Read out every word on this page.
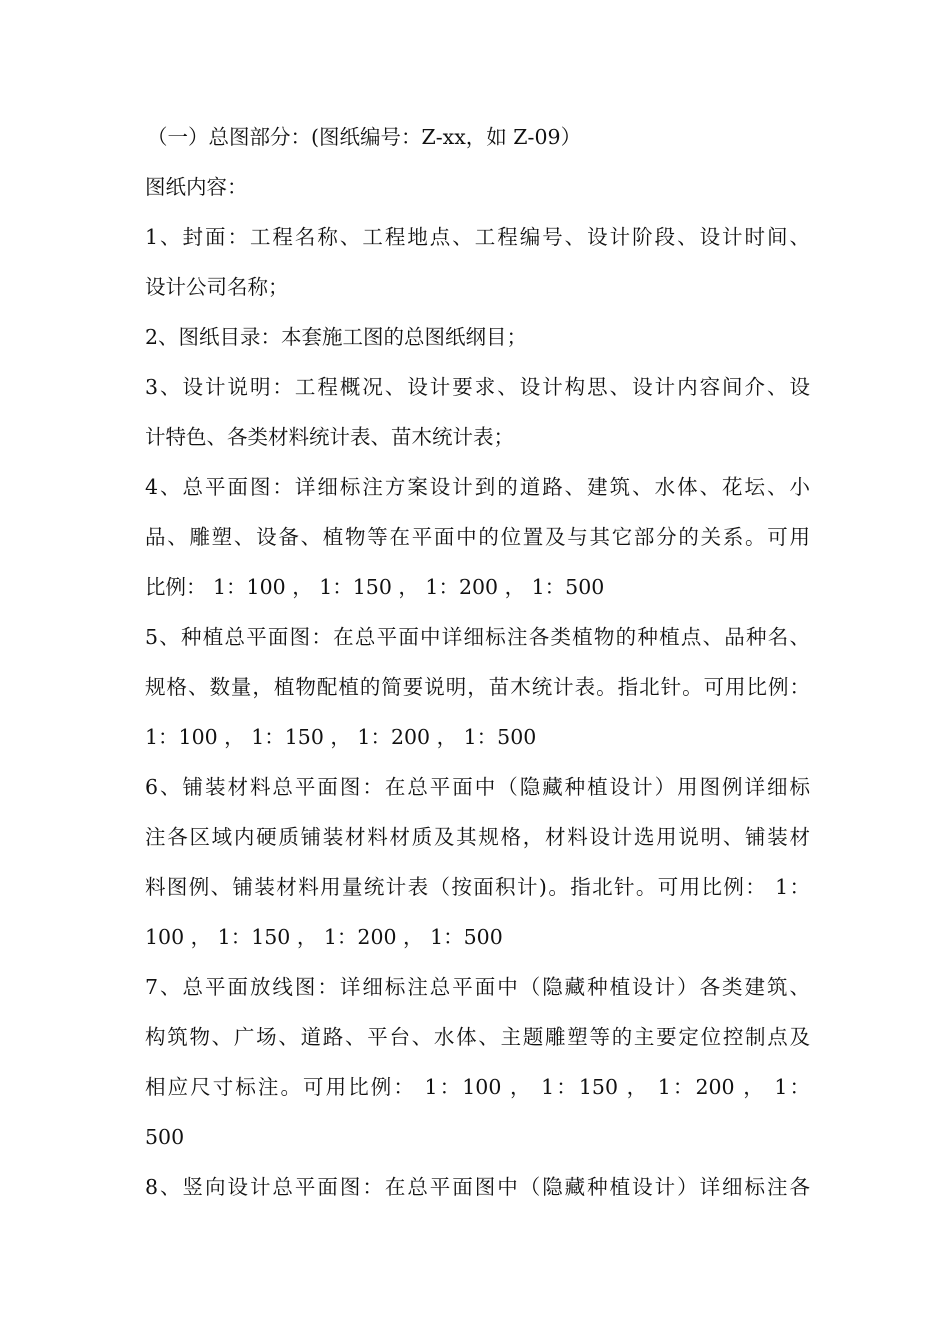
（一）总图部分：(图纸编号：Z-xx，如 Z-09）
图纸内容：
1、封面：工程名称、工程地点、工程编号、设计阶段、设计时间、
设计公司名称；
2、图纸目录：本套施工图的总图纸纲目；
3、设计说明：工程概况、设计要求、设计构思、设计内容间介、设
计特色、各类材料统计表、苗木统计表；
4、总平面图：详细标注方案设计到的道路、建筑、水体、花坛、小
品、雕塑、设备、植物等在平面中的位置及与其它部分的关系。可用
比例： 1：100 ， 1：150 ， 1：200 ， 1：500
5、种植总平面图：在总平面中详细标注各类植物的种植点、品种名、
规格、数量，植物配植的简要说明，苗木统计表。指北针。可用比例：
1：100 ， 1：150 ， 1：200 ， 1：500
6、铺装材料总平面图：在总平面中（隐藏种植设计）用图例详细标
注各区域内硬质铺装材料材质及其规格，材料设计选用说明、铺装材
料图例、铺装材料用量统计表（按面积计)。指北针。可用比例： 1：
100 ， 1：150 ， 1：200 ， 1：500
7、总平面放线图：详细标注总平面中（隐藏种植设计）各类建筑、
构筑物、广场、道路、平台、水体、主题雕塑等的主要定位控制点及
相应尺寸标注。可用比例： 1：100 ， 1：150 ， 1：200 ， 1：
500
8、竖向设计总平面图：在总平面图中（隐藏种植设计）详细标注各
